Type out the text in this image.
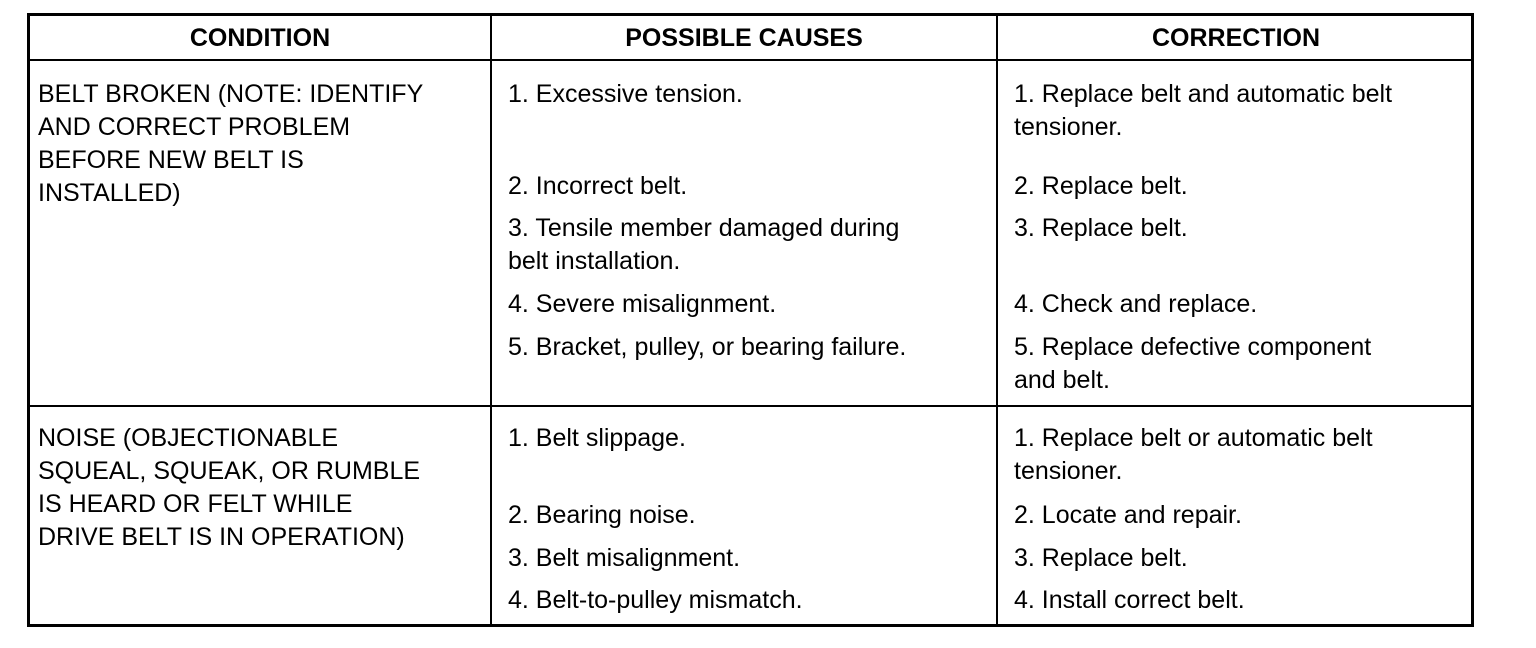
CONDITION	POSSIBLE CAUSES	CORRECTION
BELT BROKEN (NOTE: IDENTIFY
AND CORRECT PROBLEM
BEFORE NEW BELT IS
INSTALLED)
1. Excessive tension.
2. Incorrect belt.
3. Tensile member damaged during
belt installation.
4. Severe misalignment.
5. Bracket, pulley, or bearing failure.
1. Replace belt and automatic belt
tensioner.
2. Replace belt.
3. Replace belt.
4. Check and replace.
5. Replace defective component
and belt.
NOISE (OBJECTIONABLE
SQUEAL, SQUEAK, OR RUMBLE
IS HEARD OR FELT WHILE
DRIVE BELT IS IN OPERATION)
1. Belt slippage.
2. Bearing noise.
3. Belt misalignment.
4. Belt-to-pulley mismatch.
1. Replace belt or automatic belt
tensioner.
2. Locate and repair.
3. Replace belt.
4. Install correct belt.
